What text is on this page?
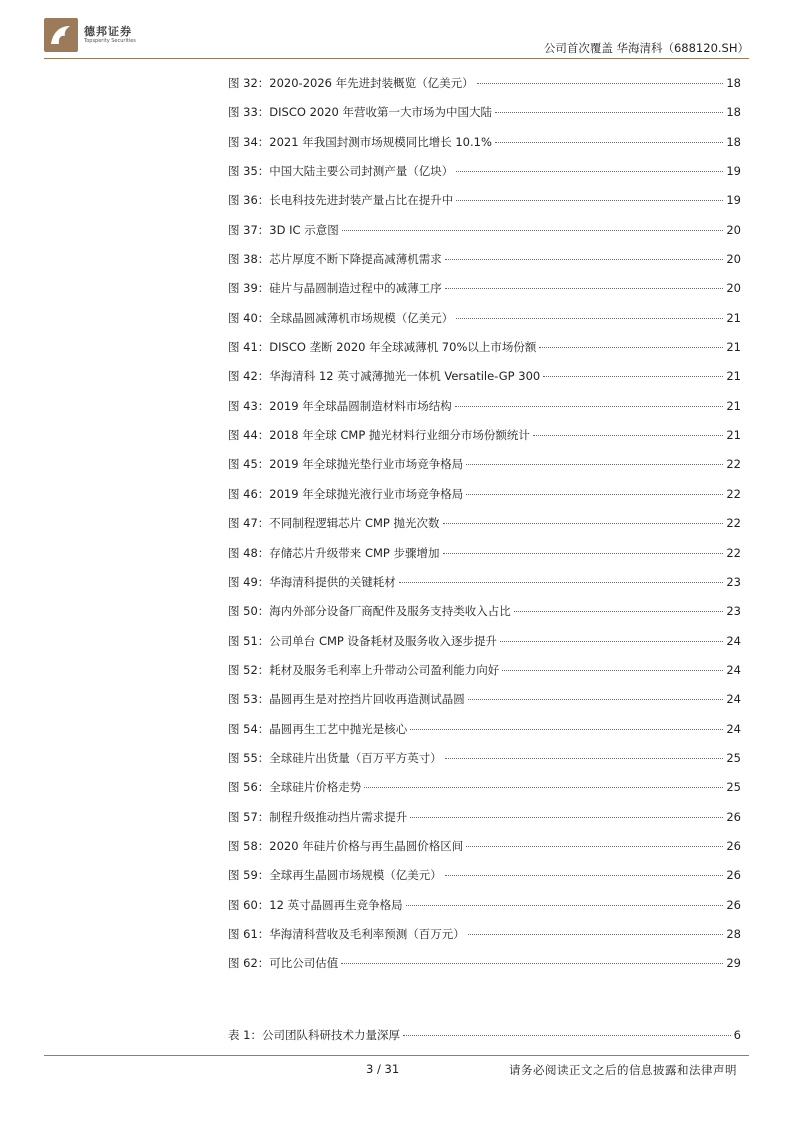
德邦证券
Topsperity Securities	公司首次覆盖 华海清科（688120.SH）
图 32：2020-2026 年先进封装概览（亿美元）	18
图 33：DISCO 2020 年营收第一大市场为中国大陆	18
图 34：2021 年我国封测市场规模同比增长 10.1%	18
图 35：中国大陆主要公司封测产量（亿块）	19
图 36：长电科技先进封装产量占比在提升中	19
图 37：3D IC 示意图	20
图 38：芯片厚度不断下降提高减薄机需求	20
图 39：硅片与晶圆制造过程中的减薄工序	20
图 40：全球晶圆减薄机市场规模（亿美元）	21
图 41：DISCO 垄断 2020 年全球减薄机 70%以上市场份额	21
图 42：华海清科 12 英寸减薄抛光一体机 Versatile-GP 300	21
图 43：2019 年全球晶圆制造材料市场结构	21
图 44：2018 年全球 CMP 抛光材料行业细分市场份额统计	21
图 45：2019 年全球抛光垫行业市场竞争格局	22
图 46：2019 年全球抛光液行业市场竞争格局	22
图 47：不同制程逻辑芯片 CMP 抛光次数	22
图 48：存储芯片升级带来 CMP 步骤增加	22
图 49：华海清科提供的关键耗材	23
图 50：海内外部分设备厂商配件及服务支持类收入占比	23
图 51：公司单台 CMP 设备耗材及服务收入逐步提升	24
图 52：耗材及服务毛利率上升带动公司盈利能力向好	24
图 53：晶圆再生是对控挡片回收再造测试晶圆	24
图 54：晶圆再生工艺中抛光是核心	24
图 55：全球硅片出货量（百万平方英寸）	25
图 56：全球硅片价格走势	25
图 57：制程升级推动挡片需求提升	26
图 58：2020 年硅片价格与再生晶圆价格区间	26
图 59：全球再生晶圆市场规模（亿美元）	26
图 60：12 英寸晶圆再生竞争格局	26
图 61：华海清科营收及毛利率预测（百万元）	28
图 62：可比公司估值	29
表 1：公司团队科研技术力量深厚	6
3 / 31	请务必阅读正文之后的信息披露和法律声明
